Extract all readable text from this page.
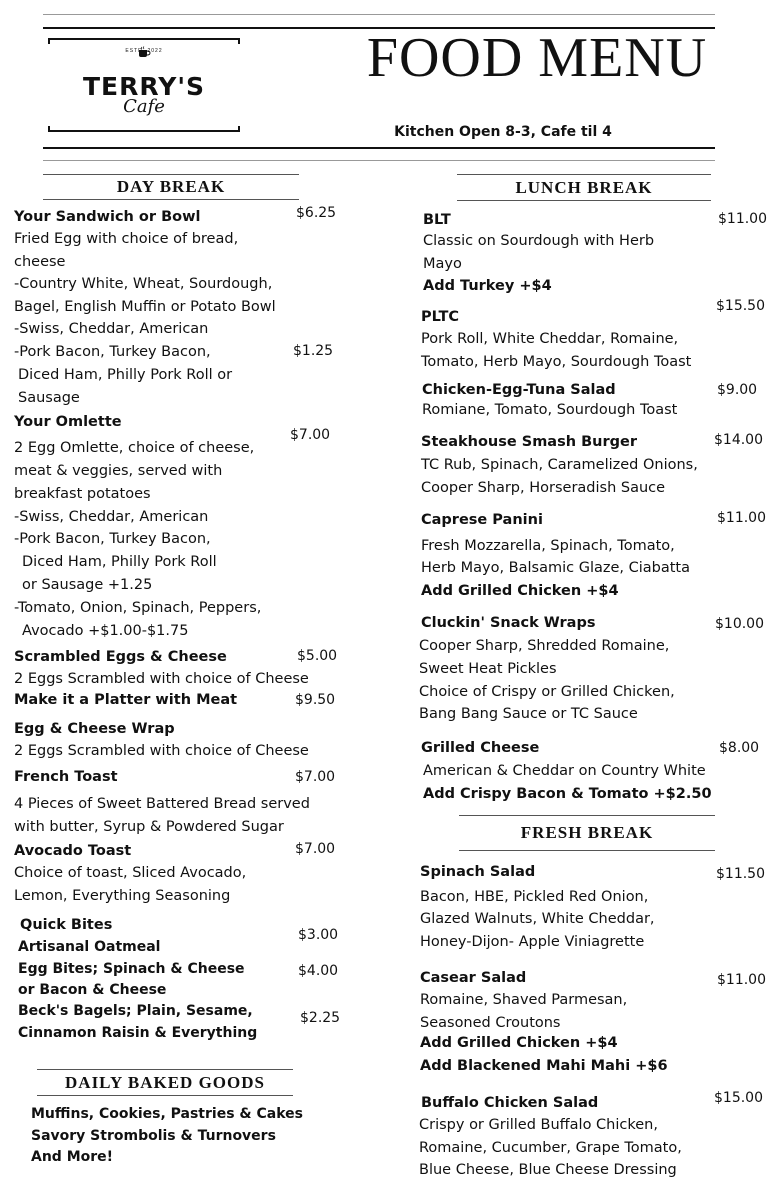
ESTD. 2022
TERRY'S
Cafe
FOOD MENU
Kitchen Open 8-3, Cafe til 4
DAY BREAK
Your Sandwich or Bowl	$6.25
Fried Egg with choice of bread,
cheese
-Country White, Wheat, Sourdough,
Bagel, English Muffin or Potato Bowl
-Swiss, Cheddar, American
-Pork Bacon, Turkey Bacon,	$1.25
Diced Ham, Philly Pork Roll or
Sausage
Your Omlette
$7.00
2 Egg Omlette, choice of cheese,
meat & veggies, served with
breakfast potatoes
-Swiss, Cheddar, American
-Pork Bacon, Turkey Bacon,
Diced Ham, Philly Pork Roll
or Sausage +1.25
-Tomato, Onion, Spinach, Peppers,
Avocado +$1.00-$1.75
Scrambled Eggs & Cheese	$5.00
2 Eggs Scrambled with choice of Cheese
Make it a Platter with Meat	$9.50
Egg & Cheese Wrap
2 Eggs Scrambled with choice of Cheese
French Toast	$7.00
4 Pieces of Sweet Battered Bread served
with butter, Syrup & Powdered Sugar
Avocado Toast	$7.00
Choice of toast, Sliced Avocado,
Lemon, Everything Seasoning
Quick Bites
Artisanal Oatmeal
$3.00
Egg Bites; Spinach & Cheese	$4.00
or Bacon & Cheese
Beck's Bagels; Plain, Sesame,	$2.25
Cinnamon Raisin & Everything
DAILY BAKED GOODS
Muffins, Cookies, Pastries & Cakes
Savory Strombolis & Turnovers
And More!
LUNCH BREAK
BLT	$11.00
Classic on Sourdough with Herb
Mayo
Add Turkey +$4
PLTC
$15.50
Pork Roll, White Cheddar, Romaine,
Tomato, Herb Mayo, Sourdough Toast
Chicken-Egg-Tuna Salad	$9.00
Romiane, Tomato, Sourdough Toast
Steakhouse Smash Burger	$14.00
TC Rub, Spinach, Caramelized Onions,
Cooper Sharp, Horseradish Sauce
Caprese Panini	$11.00
Fresh Mozzarella, Spinach, Tomato,
Herb Mayo, Balsamic Glaze, Ciabatta
Add Grilled Chicken +$4
Cluckin' Snack Wraps	$10.00
Cooper Sharp, Shredded Romaine,
Sweet Heat Pickles
Choice of Crispy or Grilled Chicken,
Bang Bang Sauce or TC Sauce
Grilled Cheese	$8.00
American & Cheddar on Country White
Add Crispy Bacon & Tomato +$2.50
FRESH BREAK
Spinach Salad	$11.50
Bacon, HBE, Pickled Red Onion,
Glazed Walnuts, White Cheddar,
Honey-Dijon- Apple Viniagrette
Casear Salad	$11.00
Romaine, Shaved Parmesan,
Seasoned Croutons
Add Grilled Chicken +$4
Add Blackened Mahi Mahi +$6
Buffalo Chicken Salad	$15.00
Crispy or Grilled Buffalo Chicken,
Romaine, Cucumber, Grape Tomato,
Blue Cheese, Blue Cheese Dressing
